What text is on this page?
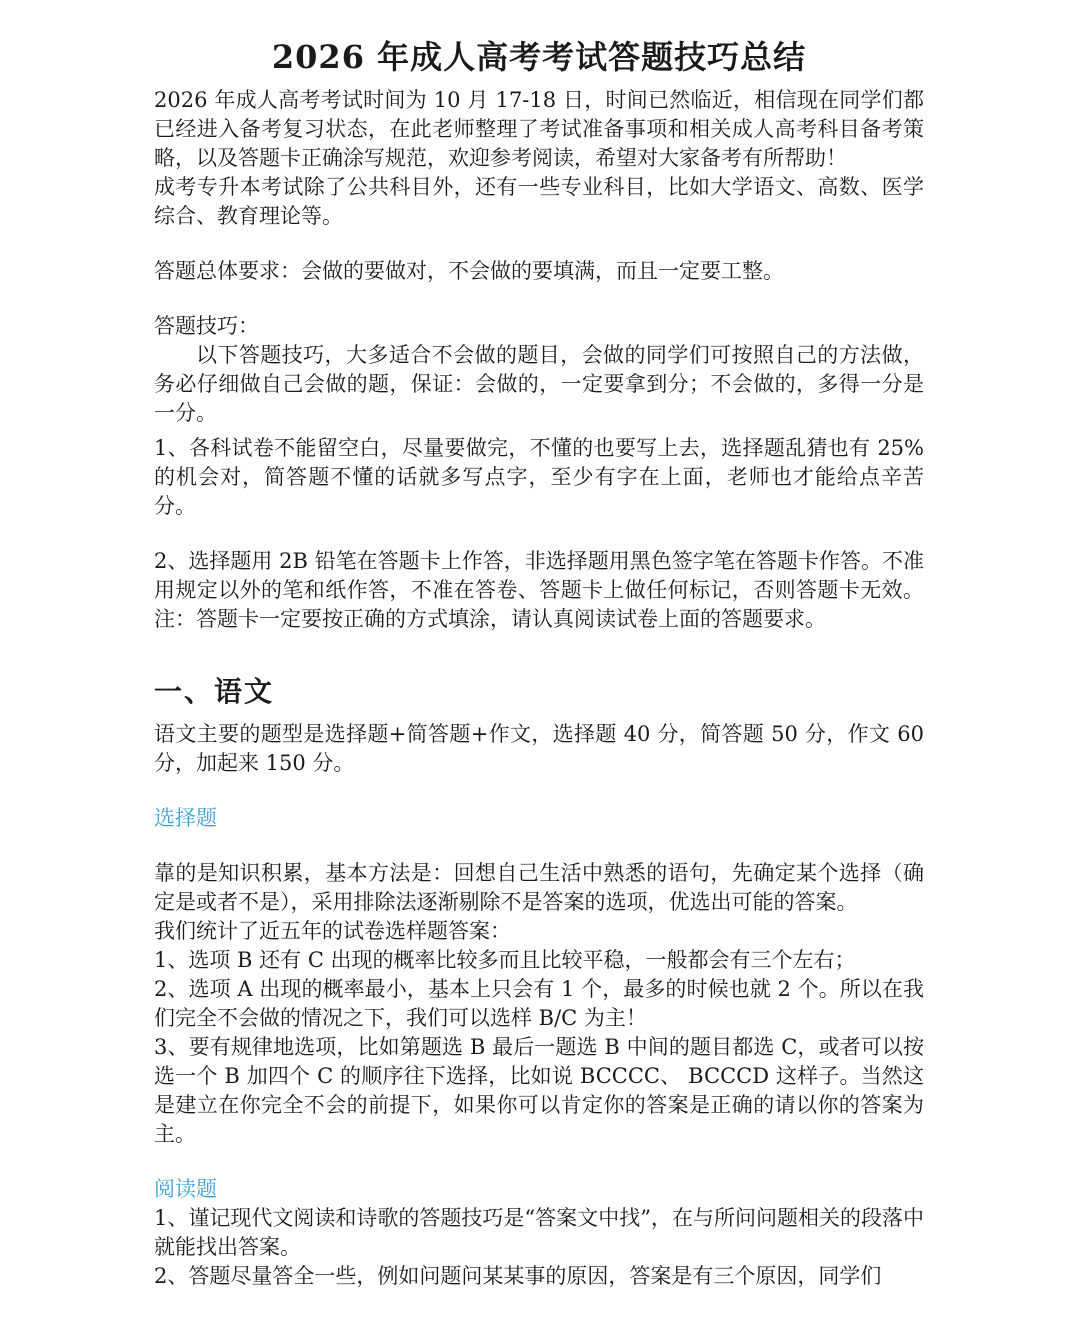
2026 年成人高考考试答题技巧总结

2026 年成人高考考试时间为 10 月 17-18 日，时间已然临近，相信现在同学们都已经进入备考复习状态，在此老师整理了考试准备事项和相关成人高考科目备考策略，以及答题卡正确涂写规范，欢迎参考阅读，希望对大家备考有所帮助！

成考专升本考试除了公共科目外，还有一些专业科目，比如大学语文、高数、医学综合、教育理论等。

答题总体要求：会做的要做对，不会做的要填满，而且一定要工整。

答题技巧：

以下答题技巧，大多适合不会做的题目，会做的同学们可按照自己的方法做，务必仔细做自己会做的题，保证：会做的，一定要拿到分；不会做的，多得一分是一分。

1、各科试卷不能留空白，尽量要做完，不懂的也要写上去，选择题乱猜也有 25%的机会对，简答题不懂的话就多写点字，至少有字在上面，老师也才能给点辛苦分。

2、选择题用 2B 铅笔在答题卡上作答，非选择题用黑色签字笔在答题卡作答。不准用规定以外的笔和纸作答，不准在答卷、答题卡上做任何标记，否则答题卡无效。注：答题卡一定要按正确的方式填涂，请认真阅读试卷上面的答题要求。

一、语文

语文主要的题型是选择题+简答题+作文，选择题 40 分，简答题 50 分，作文 60 分，加起来 150 分。

选择题

靠的是知识积累，基本方法是：回想自己生活中熟悉的语句，先确定某个选择（确定是或者不是），采用排除法逐渐剔除不是答案的选项，优选出可能的答案。

我们统计了近五年的试卷选样题答案：

1、选项 B 还有 C 出现的概率比较多而且比较平稳，一般都会有三个左右；

2、选项 A 出现的概率最小，基本上只会有 1 个，最多的时候也就 2 个。所以在我们完全不会做的情况之下，我们可以选样 B/C 为主！

3、要有规律地选项，比如第题选 B 最后一题选 B 中间的题目都选 C，或者可以按选一个 B 加四个 C 的顺序往下选择，比如说 BCCCC、 BCCCD 这样子。当然这是建立在你完全不会的前提下，如果你可以肯定你的答案是正确的请以你的答案为主。

阅读题

1、谨记现代文阅读和诗歌的答题技巧是“答案文中找”，在与所问问题相关的段落中就能找出答案。

2、答题尽量答全一些，例如问题问某某事的原因，答案是有三个原因，同学们
